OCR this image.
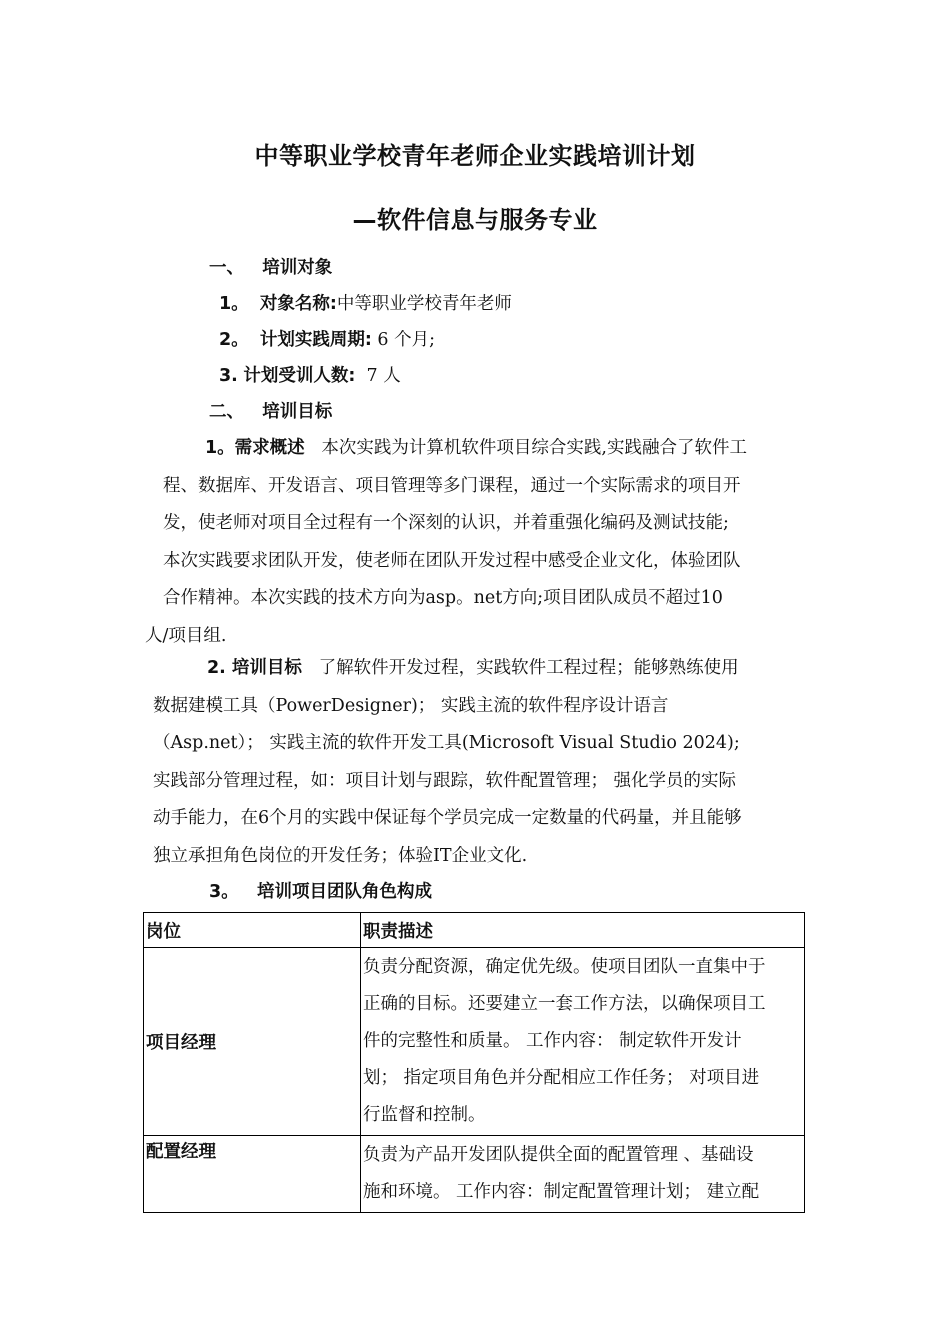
中等职业学校青年老师企业实践培训计划
—软件信息与服务专业
一、 培训对象
1。 对象名称:中等职业学校青年老师
2。 计划实践周期: 6 个月;
3. 计划受训人数: 7 人
二、 培训目标
1。需求概述 本次实践为计算机软件项目综合实践,实践融合了软件工
程、数据库、开发语言、项目管理等多门课程，通过一个实际需求的项目开
发，使老师对项目全过程有一个深刻的认识，并着重强化编码及测试技能;
本次实践要求团队开发，使老师在团队开发过程中感受企业文化，体验团队
合作精神。本次实践的技术方向为asp。net方向;项目团队成员不超过10
人/项目组.
2. 培训目标 了解软件开发过程，实践软件工程过程；能够熟练使用
数据建模工具（PowerDesigner)； 实践主流的软件程序设计语言
（Asp.net）； 实践主流的软件开发工具(Microsoft Visual Studio 2024);
实践部分管理过程，如：项目计划与跟踪，软件配置管理； 强化学员的实际
动手能力，在6个月的实践中保证每个学员完成一定数量的代码量，并且能够
独立承担角色岗位的开发任务；体验IT企业文化.
3。 培训项目团队角色构成
岗位	职责描述
项目经理	负责分配资源，确定优先级。使项目团队一直集中于
正确的目标。还要建立一套工作方法，以确保项目工
件的完整性和质量。 工作内容： 制定软件开发计
划； 指定项目角色并分配相应工作任务； 对项目进
行监督和控制。

配置经理	负责为产品开发团队提供全面的配置管理 、基础设
施和环境。 工作内容：制定配置管理计划； 建立配
